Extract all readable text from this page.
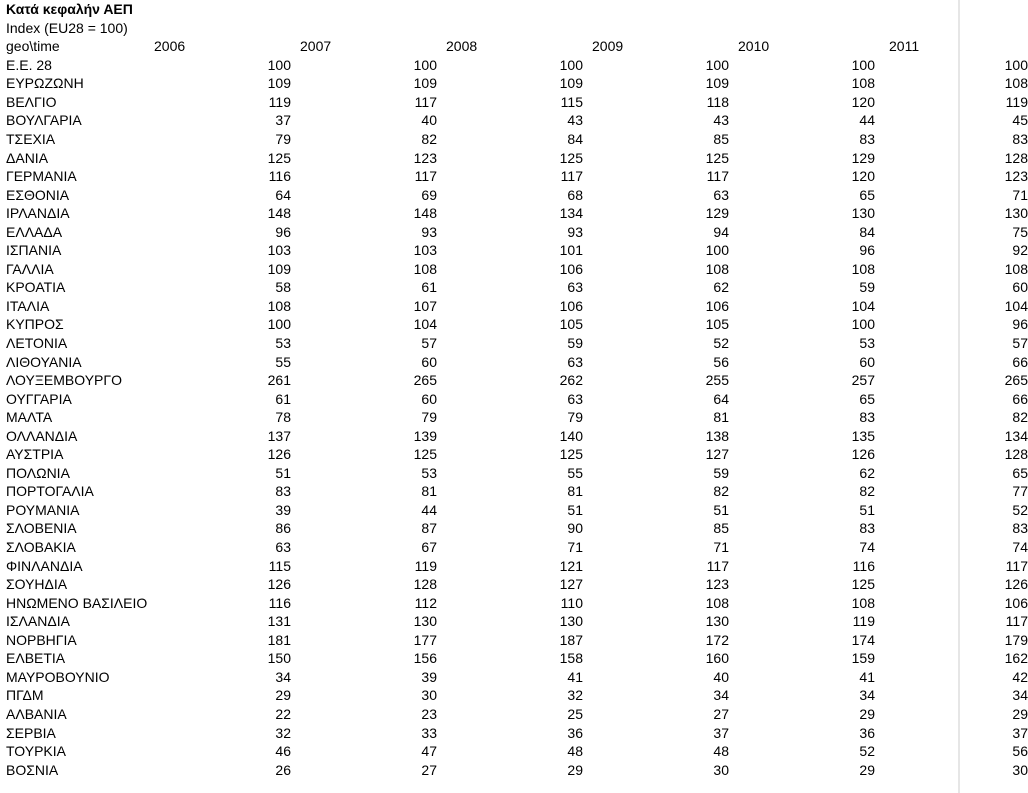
Κατά κεφαλήν ΑΕΠ
Index (EU28 = 100)
geo\time	2006	2007	2008	2009	2010	2011
Ε.Ε. 28	100	100	100	100	100	100
ΕΥΡΩΖΩΝΗ	109	109	109	109	108	108
ΒΕΛΓΙΟ	119	117	115	118	120	119
ΒΟΥΛΓΑΡΙΑ	37	40	43	43	44	45
ΤΣΕΧΙΑ	79	82	84	85	83	83
ΔΑΝΙΑ	125	123	125	125	129	128
ΓΕΡΜΑΝΙΑ	116	117	117	117	120	123
ΕΣΘΟΝΙΑ	64	69	68	63	65	71
ΙΡΛΑΝΔΙΑ	148	148	134	129	130	130
ΕΛΛΑΔΑ	96	93	93	94	84	75
ΙΣΠΑΝΙΑ	103	103	101	100	96	92
ΓΑΛΛΙΑ	109	108	106	108	108	108
ΚΡΟΑΤΙΑ	58	61	63	62	59	60
ΙΤΑΛΙΑ	108	107	106	106	104	104
ΚΥΠΡΟΣ	100	104	105	105	100	96
ΛΕΤΟΝΙΑ	53	57	59	52	53	57
ΛΙΘΟΥΑΝΙΑ	55	60	63	56	60	66
ΛΟΥΞΕΜΒΟΥΡΓΟ	261	265	262	255	257	265
ΟΥΓΓΑΡΙΑ	61	60	63	64	65	66
ΜΑΛΤΑ	78	79	79	81	83	82
ΟΛΛΑΝΔΙΑ	137	139	140	138	135	134
ΑΥΣΤΡΙΑ	126	125	125	127	126	128
ΠΟΛΩΝΙΑ	51	53	55	59	62	65
ΠΟΡΤΟΓΑΛΙΑ	83	81	81	82	82	77
ΡΟΥΜΑΝΙΑ	39	44	51	51	51	52
ΣΛΟΒΕΝΙΑ	86	87	90	85	83	83
ΣΛΟΒΑΚΙΑ	63	67	71	71	74	74
ΦΙΝΛΑΝΔΙΑ	115	119	121	117	116	117
ΣΟΥΗΔΙΑ	126	128	127	123	125	126
ΗΝΩΜΕΝΟ ΒΑΣΙΛΕΙΟ	116	112	110	108	108	106
ΙΣΛΑΝΔΙΑ	131	130	130	130	119	117
ΝΟΡΒΗΓΙΑ	181	177	187	172	174	179
ΕΛΒΕΤΙΑ	150	156	158	160	159	162
ΜΑΥΡΟΒΟΥΝΙΟ	34	39	41	40	41	42
ΠΓΔΜ	29	30	32	34	34	34
ΑΛΒΑΝΙΑ	22	23	25	27	29	29
ΣΕΡΒΙΑ	32	33	36	37	36	37
ΤΟΥΡΚΙΑ	46	47	48	48	52	56
ΒΟΣΝΙΑ	26	27	29	30	29	30
